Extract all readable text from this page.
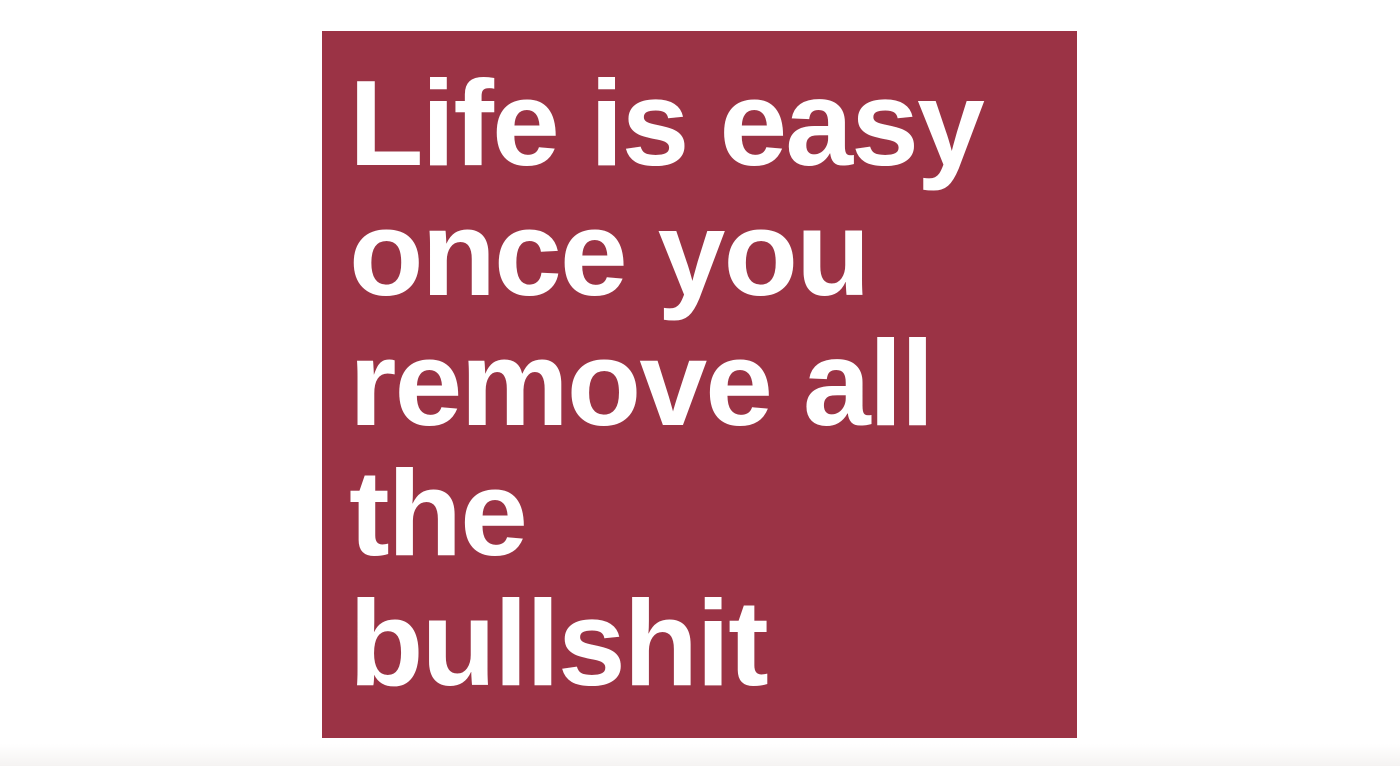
Life is easy
once you
remove all
the
bullshit
